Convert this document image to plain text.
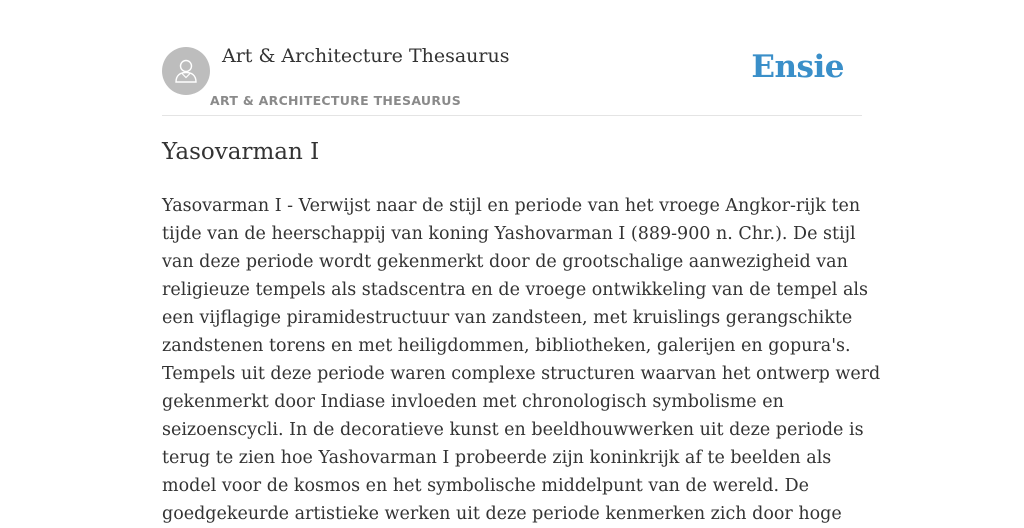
Art & Architecture Thesaurus
ART & ARCHITECTURE THESAURUS
Ensie
Yasovarman I
Yasovarman I - Verwijst naar de stijl en periode van het vroege Angkor-rijk ten
tijde van de heerschappij van koning Yashovarman I (889-900 n. Chr.). De stijl
van deze periode wordt gekenmerkt door de grootschalige aanwezigheid van
religieuze tempels als stadscentra en de vroege ontwikkeling van de tempel als
een vijflagige piramidestructuur van zandsteen, met kruislings gerangschikte
zandstenen torens en met heiligdommen, bibliotheken, galerijen en gopura's.
Tempels uit deze periode waren complexe structuren waarvan het ontwerp werd
gekenmerkt door Indiase invloeden met chronologisch symbolisme en
seizoenscycli. In de decoratieve kunst en beeldhouwwerken uit deze periode is
terug te zien hoe Yashovarman I probeerde zijn koninkrijk af te beelden als
model voor de kosmos en het symbolische middelpunt van de wereld. De
goedgekeurde artistieke werken uit deze periode kenmerken zich door hoge
